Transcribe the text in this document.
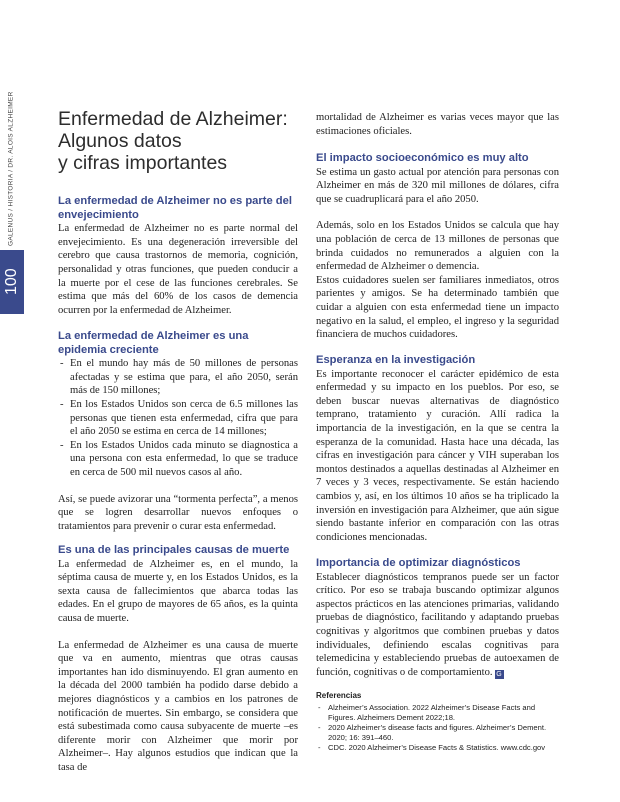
GALENUS / HISTORIA / DR. ALOIS ALZHEIMER
100
Enfermedad de Alzheimer:
Algunos datos
y cifras importantes
La enfermedad de Alzheimer no es parte del envejecimiento

La enfermedad de Alzheimer no es parte normal del envejecimiento. Es una degeneración irreversible del cerebro que causa trastornos de memoria, cognición, personalidad y otras funciones, que pueden conducir a la muerte por el cese de las funciones cerebrales. Se estima que más del 60% de los casos de demencia ocurren por la enfermedad de Alzheimer.

La enfermedad de Alzheimer es una epidemia creciente
- En el mundo hay más de 50 millones de personas afectadas y se estima que para, el año 2050, serán más de 150 millones;
- En los Estados Unidos son cerca de 6.5 millones las personas que tienen esta enfermedad, cifra que para el año 2050 se estima en cerca de 14 millones;
- En los Estados Unidos cada minuto se diagnostica a una persona con esta enfermedad, lo que se traduce en cerca de 500 mil nuevos casos al año.

Así, se puede avizorar una “tormenta perfecta”, a menos que se logren desarrollar nuevos enfoques o tratamientos para prevenir o curar esta enfermedad.

Es una de las principales causas de muerte

La enfermedad de Alzheimer es, en el mundo, la séptima causa de muerte y, en los Estados Unidos, es la sexta causa de fallecimientos que abarca todas las edades. En el grupo de mayores de 65 años, es la quinta causa de muerte.

La enfermedad de Alzheimer es una causa de muerte que va en aumento, mientras que otras causas importantes han ido disminuyendo. El gran aumento en la década del 2000 también ha podido darse debido a mejores diagnósticos y a cambios en los patrones de notificación de muertes. Sin embargo, se considera que está subestimada como causa subyacente de muerte –es diferente morir con Alzheimer que morir por Alzheimer–. Hay algunos estudios que indican que la tasa de

mortalidad de Alzheimer es varias veces mayor que las estimaciones oficiales.

El impacto socioeconómico es muy alto

Se estima un gasto actual por atención para personas con Alzheimer en más de 320 mil millones de dólares, cifra que se cuadruplicará para el año 2050.

Además, solo en los Estados Unidos se calcula que hay una población de cerca de 13 millones de personas que brinda cuidados no remunerados a alguien con la enfermedad de Alzheimer o demencia.

Estos cuidadores suelen ser familiares inmediatos, otros parientes y amigos. Se ha determinado también que cuidar a alguien con esta enfermedad tiene un impacto negativo en la salud, el empleo, el ingreso y la seguridad financiera de muchos cuidadores.

Esperanza en la investigación

Es importante reconocer el carácter epidémico de esta enfermedad y su impacto en los pueblos. Por eso, se deben buscar nuevas alternativas de diagnóstico temprano, tratamiento y curación. Allí radica la importancia de la investigación, en la que se centra la esperanza de la comunidad. Hasta hace una década, las cifras en investigación para cáncer y VIH superaban los montos destinados a aquellas destinadas al Alzheimer en 7 veces y 3 veces, respectivamente. Se están haciendo cambios y, así, en los últimos 10 años se ha triplicado la inversión en investigación para Alzheimer, que aún sigue siendo bastante inferior en comparación con las otras condiciones mencionadas.

Importancia de optimizar diagnósticos

Establecer diagnósticos tempranos puede ser un factor crítico. Por eso se trabaja buscando optimizar algunos aspectos prácticos en las atenciones primarias, validando pruebas de diagnóstico, facilitando y adaptando pruebas cognitivas y algoritmos que combinen pruebas y datos individuales, definiendo escalas cognitivas para telemedicina y estableciendo pruebas de autoexamen de función, cognitivas o de comportamiento. G

Referencias
- Alzheimer’s Association. 2022 Alzheimer’s Disease Facts and Figures. Alzheimers Dement 2022;18.
- 2020 Alzheimer’s disease facts and figures. Alzheimer’s Dement. 2020; 16: 391–460.
- CDC. 2020 Alzheimer’s Disease Facts & Statistics. www.cdc.gov
